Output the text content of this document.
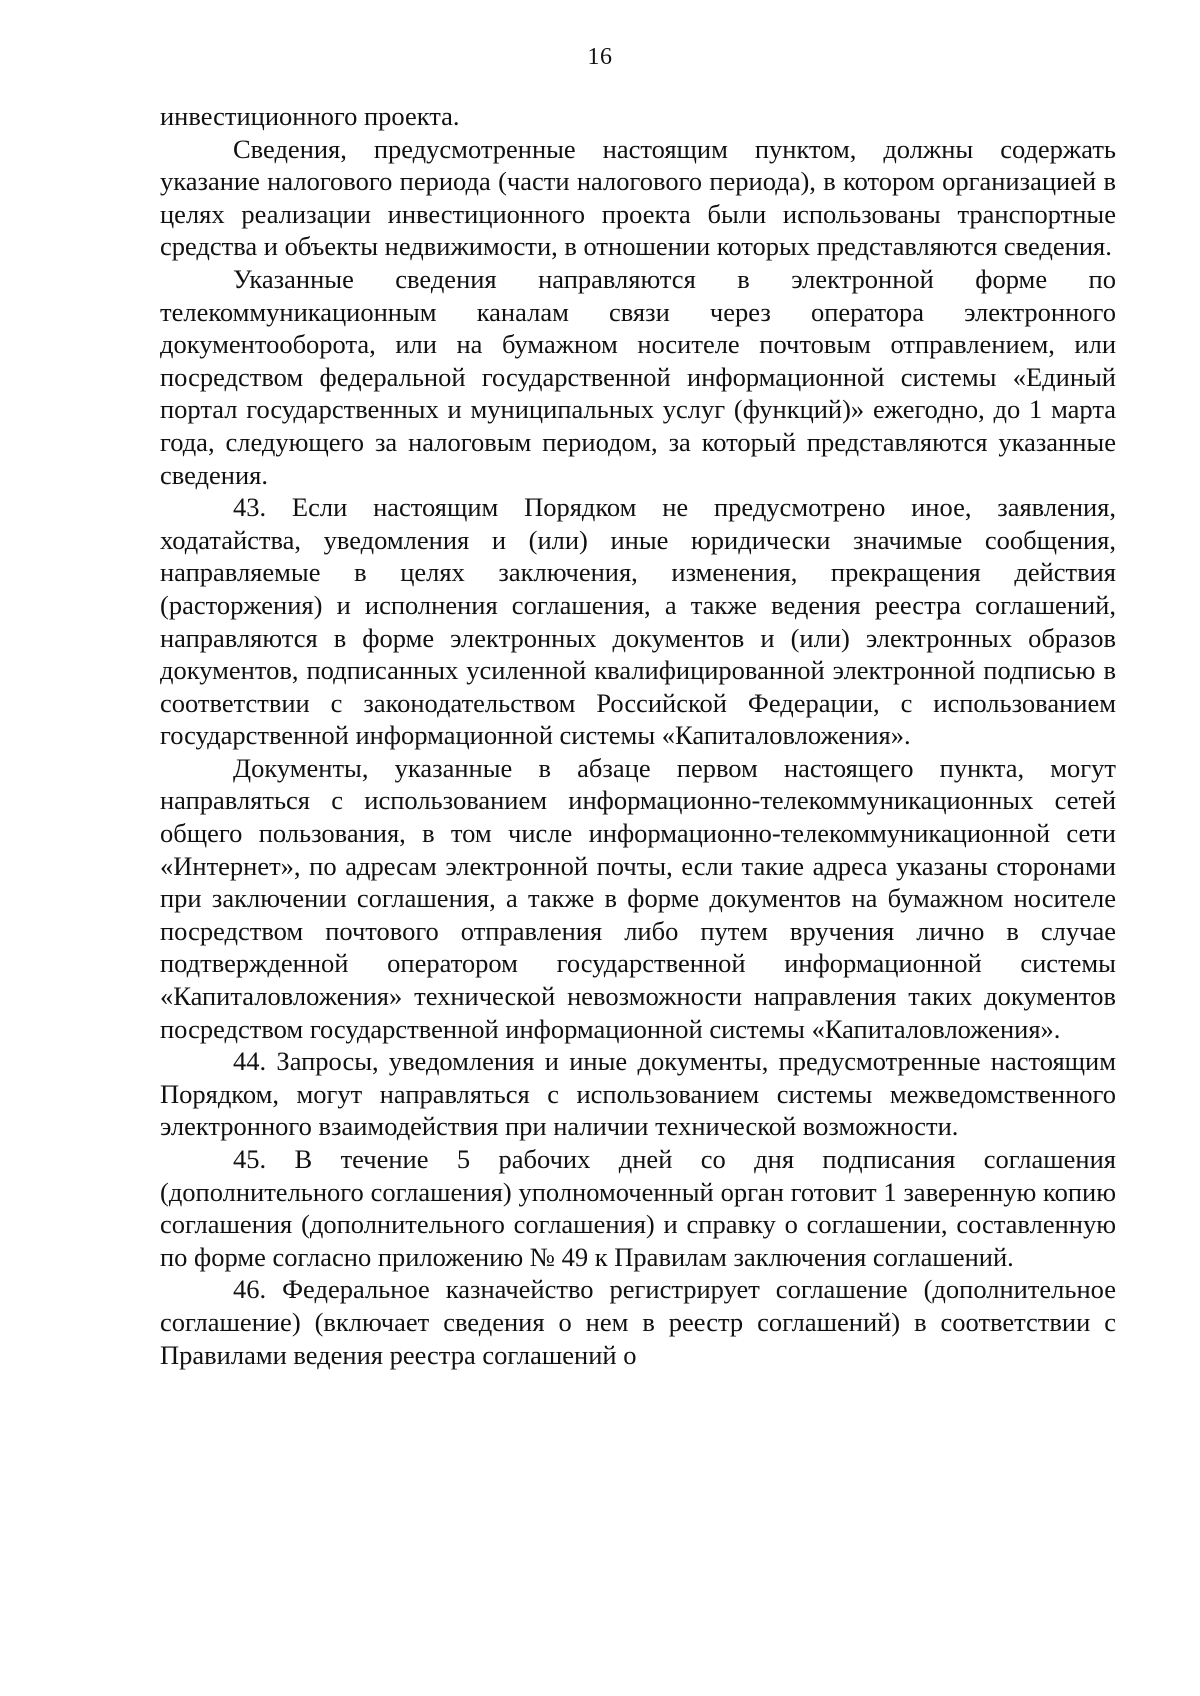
16

инвестиционного проекта.

Сведения, предусмотренные настоящим пунктом, должны содержать указание налогового периода (части налогового периода), в котором организацией в целях реализации инвестиционного проекта были использованы транспортные средства и объекты недвижимости, в отношении которых представляются сведения.

Указанные сведения направляются в электронной форме по телекоммуникационным каналам связи через оператора электронного документооборота, или на бумажном носителе почтовым отправлением, или посредством федеральной государственной информационной системы «Единый портал государственных и муниципальных услуг (функций)» ежегодно, до 1 марта года, следующего за налоговым периодом, за который представляются указанные сведения.

43. Если настоящим Порядком не предусмотрено иное, заявления, ходатайства, уведомления и (или) иные юридически значимые сообщения, направляемые в целях заключения, изменения, прекращения действия (расторжения) и исполнения соглашения, а также ведения реестра соглашений, направляются в форме электронных документов и (или) электронных образов документов, подписанных усиленной квалифицированной электронной подписью в соответствии с законодательством Российской Федерации, с использованием государственной информационной системы «Капиталовложения».

Документы, указанные в абзаце первом настоящего пункта, могут направляться с использованием информационно-телекоммуникационных сетей общего пользования, в том числе информационно-телекоммуникационной сети «Интернет», по адресам электронной почты, если такие адреса указаны сторонами при заключении соглашения, а также в форме документов на бумажном носителе посредством почтового отправления либо путем вручения лично в случае подтвержденной оператором государственной информационной системы «Капиталовложения» технической невозможности направления таких документов посредством государственной информационной системы «Капиталовложения».

44. Запросы, уведомления и иные документы, предусмотренные настоящим Порядком, могут направляться с использованием системы межведомственного электронного взаимодействия при наличии технической возможности.

45. В течение 5 рабочих дней со дня подписания соглашения (дополнительного соглашения) уполномоченный орган готовит 1 заверенную копию соглашения (дополнительного соглашения) и справку о соглашении, составленную по форме согласно приложению № 49 к Правилам заключения соглашений.

46. Федеральное казначейство регистрирует соглашение (дополнительное соглашение) (включает сведения о нем в реестр соглашений) в соответствии с Правилами ведения реестра соглашений о
